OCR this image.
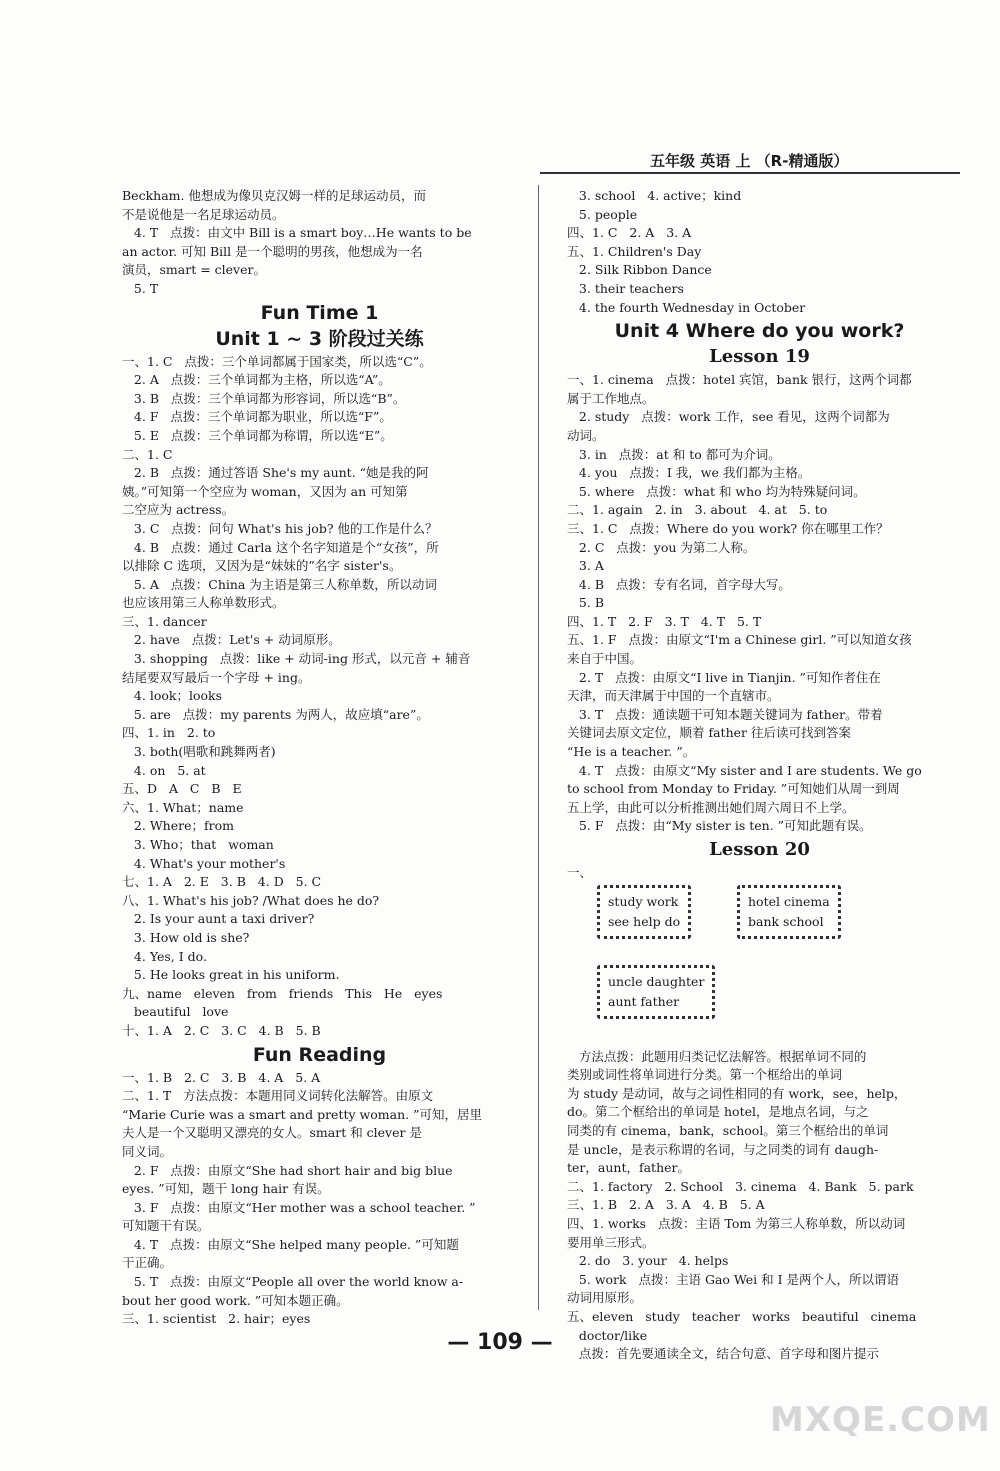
五年级 英语 上 （R-精通版）
Beckham. 他想成为像贝克汉姆一样的足球运动员，而
不是说他是一名足球运动员。
4. T   点拨：由文中 Bill is a smart boy…He wants to be
an actor. 可知 Bill 是一个聪明的男孩，他想成为一名
演员，smart = clever。
5. T
Fun Time 1
Unit 1 ~ 3 阶段过关练
一、1. C   点拨：三个单词都属于国家类，所以选“C”。
2. A   点拨：三个单词都为主格，所以选“A”。
3. B   点拨：三个单词都为形容词，所以选“B”。
4. F   点拨：三个单词都为职业，所以选“F”。
5. E   点拨：三个单词都为称谓，所以选“E”。
二、1. C
2. B   点拨：通过答语 She's my aunt. “她是我的阿
姨。”可知第一个空应为 woman，又因为 an 可知第
二空应为 actress。
3. C   点拨：问句 What's his job? 他的工作是什么？
4. B   点拨：通过 Carla 这个名字知道是个“女孩”，所
以排除 C 选项，又因为是“妹妹的”名字 sister's。
5. A   点拨：China 为主语是第三人称单数，所以动词
也应该用第三人称单数形式。
三、1. dancer
2. have   点拨：Let's + 动词原形。
3. shopping   点拨：like + 动词-ing 形式，以元音 + 辅音
结尾要双写最后一个字母 + ing。
4. look；looks
5. are   点拨：my parents 为两人，故应填“are”。
四、1. in   2. to
3. both(唱歌和跳舞两者)
4. on   5. at
五、D   A   C   B   E
六、1. What；name
2. Where；from
3. Who；that   woman
4. What's your mother's
七、1. A   2. E   3. B   4. D   5. C
八、1. What's his job? /What does he do?
2. Is your aunt a taxi driver?
3. How old is she?
4. Yes, I do.
5. He looks great in his uniform.
九、name   eleven   from   friends   This   He   eyes
beautiful   love
十、1. A   2. C   3. C   4. B   5. B
Fun Reading
一、1. B   2. C   3. B   4. A   5. A
二、1. T   方法点拨：本题用同义词转化法解答。由原文
“Marie Curie was a smart and pretty woman. ”可知，居里
夫人是一个又聪明又漂亮的女人。smart 和 clever 是
同义词。
2. F   点拨：由原文“She had short hair and big blue
eyes. ”可知，题干 long hair 有误。
3. F   点拨：由原文“Her mother was a school teacher. ”
可知题干有误。
4. T   点拨：由原文“She helped many people. ”可知题
干正确。
5. T   点拨：由原文“People all over the world know a-
bout her good work. ”可知本题正确。
三、1. scientist   2. hair；eyes
3. school   4. active；kind
5. people
四、1. C   2. A   3. A
五、1. Children's Day
2. Silk Ribbon Dance
3. their teachers
4. the fourth Wednesday in October
Unit 4 Where do you work?
Lesson 19
一、1. cinema   点拨：hotel 宾馆，bank 银行，这两个词都
属于工作地点。
2. study   点拨：work 工作，see 看见，这两个词都为
动词。
3. in   点拨：at 和 to 都可为介词。
4. you   点拨：I 我，we 我们都为主格。
5. where   点拨：what 和 who 均为特殊疑问词。
二、1. again   2. in   3. about   4. at   5. to
三、1. C   点拨：Where do you work? 你在哪里工作？
2. C   点拨：you 为第二人称。
3. A
4. B   点拨：专有名词，首字母大写。
5. B
四、1. T   2. F   3. T   4. T   5. T
五、1. F   点拨：由原文“I'm a Chinese girl. ”可以知道女孩
来自于中国。
2. T   点拨：由原文“I live in Tianjin. ”可知作者住在
天津，而天津属于中国的一个直辖市。
3. T   点拨：通读题干可知本题关键词为 father。带着
关键词去原文定位，顺着 father 往后读可找到答案
“He is a teacher. ”。
4. T   点拨：由原文“My sister and I are students. We go
to school from Monday to Friday. ”可知她们从周一到周
五上学，由此可以分析推测出她们周六周日不上学。
5. F   点拨：由“My sister is ten. ”可知此题有误。
Lesson 20
一、
study work
see help do
hotel cinema
bank school
uncle daughter
aunt father
方法点拨：此题用归类记忆法解答。根据单词不同的
类别或词性将单词进行分类。第一个框给出的单词
为 study 是动词，故与之词性相同的有 work，see，help，
do。第二个框给出的单词是 hotel，是地点名词，与之
同类的有 cinema，bank，school。第三个框给出的单词
是 uncle，是表示称谓的名词，与之同类的词有 daugh-
ter，aunt，father。
二、1. factory   2. School   3. cinema   4. Bank   5. park
三、1. B   2. A   3. A   4. B   5. A
四、1. works   点拨：主语 Tom 为第三人称单数，所以动词
要用单三形式。
2. do   3. your   4. helps
5. work   点拨：主语 Gao Wei 和 I 是两个人，所以谓语
动词用原形。
五、eleven   study   teacher   works   beautiful   cinema
doctor/like
点拨：首先要通读全文，结合句意、首字母和图片提示
— 109 —
MXQE.COM
